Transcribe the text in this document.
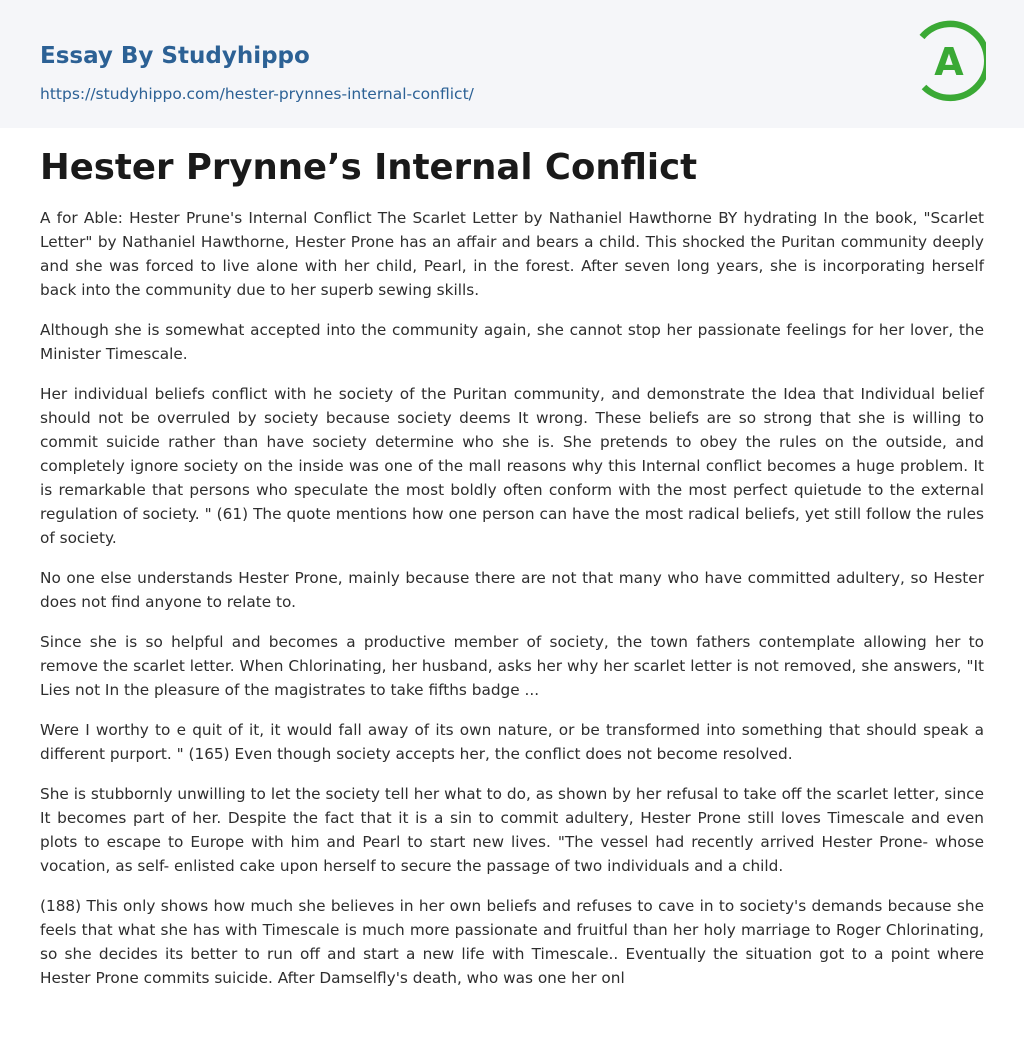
Essay By Studyhippo
https://studyhippo.com/hester-prynnes-internal-conflict/
A
Hester Prynne’s Internal Conflict

A for Able: Hester Prune's Internal Conflict The Scarlet Letter by Nathaniel Hawthorne BY hydrating In the book, "Scarlet Letter" by Nathaniel Hawthorne, Hester Prone has an affair and bears a child. This shocked the Puritan community deeply and she was forced to live alone with her child, Pearl, in the forest. After seven long years, she is incorporating herself back into the community due to her superb sewing skills.

Although she is somewhat accepted into the community again, she cannot stop her passionate feelings for her lover, the Minister Timescale.

Her individual beliefs conflict with he society of the Puritan community, and demonstrate the Idea that Individual belief should not be overruled by society because society deems It wrong. These beliefs are so strong that she is willing to commit suicide rather than have society determine who she is. She pretends to obey the rules on the outside, and completely ignore society on the inside was one of the mall reasons why this Internal conflict becomes a huge problem. It is remarkable that persons who speculate the most boldly often conform with the most perfect quietude to the external regulation of society. " (61) The quote mentions how one person can have the most radical beliefs, yet still follow the rules of society.

No one else understands Hester Prone, mainly because there are not that many who have committed adultery, so Hester does not find anyone to relate to.

Since she is so helpful and becomes a productive member of society, the town fathers contemplate allowing her to remove the scarlet letter. When Chlorinating, her husband, asks her why her scarlet letter is not removed, she answers, "It Lies not In the pleasure of the magistrates to take fifths badge ...

Were I worthy to e quit of it, it would fall away of its own nature, or be transformed into something that should speak a different purport. " (165) Even though society accepts her, the conflict does not become resolved.

She is stubbornly unwilling to let the society tell her what to do, as shown by her refusal to take off the scarlet letter, since It becomes part of her. Despite the fact that it is a sin to commit adultery, Hester Prone still loves Timescale and even plots to escape to Europe with him and Pearl to start new lives. "The vessel had recently arrived Hester Prone- whose vocation, as self- enlisted cake upon herself to secure the passage of two individuals and a child.

(188) This only shows how much she believes in her own beliefs and refuses to cave in to society's demands because she feels that what she has with Timescale is much more passionate and fruitful than her holy marriage to Roger Chlorinating, so she decides its better to run off and start a new life with Timescale.. Eventually the situation got to a point where Hester Prone commits suicide. After Damselfly's death, who was one her onl
